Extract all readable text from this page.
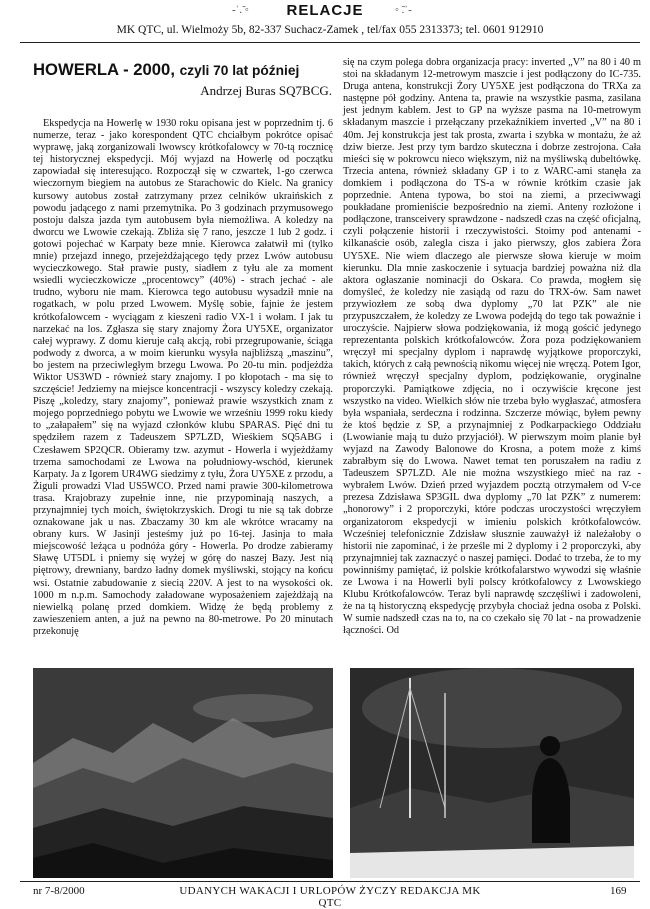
-ʾ.̃ ◦	RELACJE	◦ ̃.ʾ-
MK QTC, ul. Wielmoży 5b, 82-337 Suchacz-Zamek , tel/fax 055 2313373; tel. 0601 912910
HOWERLA - 2000, czyli 70 lat później
Andrzej Buras SQ7BCG.

Ekspedycja na Howerlę w 1930 roku opisana jest w poprzednim tj. 6 numerze, teraz - jako korespondent QTC chciałbym pokrótce opisać wyprawę, jaką zorganizowali lwowscy krótkofalowcy w 70-tą rocznicę tej historycznej ekspedycji. Mój wyjazd na Howerlę od początku zapowiadał się interesująco. Rozpoczął się w czwartek, 1-go czerwca wieczornym biegiem na autobus ze Starachowic do Kielc. Na granicy kursowy autobus został zatrzymany przez celników ukraińskich z powodu jadącego z nami przemytnika. Po 3 godzinach przymusowego postoju dalsza jazda tym autobusem była niemożliwa. A koledzy na dworcu we Lwowie czekają. Zbliża się 7 rano, jeszcze 1 lub 2 godz. i gotowi pojechać w Karpaty beze mnie. Kierowca załatwił mi (tylko mnie) przejazd innego, przejeżdżającego tędy przez Lwów autobusu wycieczkowego. Stał prawie pusty, siadłem z tyłu ale za moment wsiedli wycieczkowicze „procentowcy” (40%) - strach jechać - ale trudno, wyboru nie mam. Kierowca tego autobusu wysadził mnie na rogatkach, w polu przed Lwowem. Myślę sobie, fajnie że jestem krótkofalowcem - wyciągam z kieszeni radio VX-1 i wołam. I jak tu narzekać na los. Zgłasza się stary znajomy Żora UY5XE, organizator całej wyprawy. Z domu kieruje całą akcją, robi przegrupowanie, ściąga podwody z dworca, a w moim kierunku wysyła najbliższą „maszinu”, bo jestem na przeciwległym brzegu Lwowa. Po 20-tu min. podjeżdża Wiktor US3WD - również stary znajomy. I po kłopotach - ma się to szczęście! Jedziemy na miejsce koncentracji - wszyscy koledzy czekają. Piszę „koledzy, stary znajomy”, ponieważ prawie wszystkich znam z mojego poprzedniego pobytu we Lwowie we wrześniu 1999 roku kiedy to „załapałem” się na wyjazd członków klubu SPARAS. Pięć dni tu spędziłem razem z Tadeuszem SP7LZD, Wieśkiem SQ5ABG i Czesławem SP2QCR. Obieramy tzw. azymut - Howerla i wyjeżdżamy trzema samochodami ze Lwowa na południowy-wschód, kierunek Karpaty. Ja z Igorem UR4WG siedzimy z tyłu, Żora UY5XE z przodu, a Żiguli prowadzi Vlad US5WCO. Przed nami prawie 300-kilometrowa trasa. Krajobrazy zupełnie inne, nie przypominają naszych, a przynajmniej tych moich, świętokrzyskich. Drogi tu nie są tak dobrze oznakowane jak u nas. Zbaczamy 30 km ale wkrótce wracamy na obrany kurs. W Jasinji jesteśmy już po 16-tej. Jasinja to mała miejscowość leżąca u podnóża góry - Howerla. Po drodze zabieramy Sławę UT5DL i pniemy się wyżej w górę do naszej Bazy. Jest nią piętrowy, drewniany, bardzo ładny domek myśliwski, stojący na końcu wsi. Ostatnie zabudowanie z siecią 220V. A jest to na wysokości ok. 1000 m n.p.m. Samochody załadowane wyposażeniem zajeżdżają na niewielką polanę przed domkiem. Widzę że będą problemy z zawieszeniem anten, a już na pewno na 80-metrowe. Po 20 minutach przekonuję

się na czym polega dobra organizacja pracy: inverted „V” na 80 i 40 m stoi na składanym 12-metrowym maszcie i jest podłączony do IC-735. Druga antena, konstrukcji Żory UY5XE jest podłączona do TRXa za następne pół godziny. Antena ta, prawie na wszystkie pasma, zasilana jest jednym kablem. Jest to GP na wyższe pasma na 10-metrowym składanym maszcie i przełączany przekaźnikiem inverted „V” na 80 i 40m. Jej konstrukcja jest tak prosta, zwarta i szybka w montażu, że aż dziw bierze. Jest przy tym bardzo skuteczna i dobrze zestrojona. Cała mieści się w pokrowcu nieco większym, niż na myśliwską dubeltówkę. Trzecia antena, również składany GP i to z WARC-ami stanęła za domkiem i podłączona do TS-a w równie krótkim czasie jak poprzednie. Antena typowa, bo stoi na ziemi, a przeciwwagi poukładane promieniście bezpośrednio na ziemi. Anteny rozłożone i podłączone, transceivery sprawdzone - nadszedł czas na część oficjalną, czyli połączenie historii i rzeczywistości. Stoimy pod antenami - kilkanaście osób, zalegla cisza i jako pierwszy, głos zabiera Żora UY5XE. Nie wiem dlaczego ale pierwsze słowa kieruje w moim kierunku. Dla mnie zaskoczenie i sytuacja bardziej poważna niż dla aktora ogłaszanie nominacji do Oskara. Co prawda, mogłem się domyśleć, że koledzy nie zasiądą od razu do TRX-ów. Sam nawet przywiozłem ze sobą dwa dyplomy „70 lat PZK” ale nie przypuszczałem, że koledzy ze Lwowa podejdą do tego tak poważnie i uroczyście. Najpierw słowa podziękowania, iż mogą gościć jedynego reprezentanta polskich krótkofalowców. Żora poza podziękowaniem wręczył mi specjalny dyplom i naprawdę wyjątkowe proporczyki, takich, których z całą pewnością nikomu więcej nie wręczą. Potem Igor, również wręczył specjalny dyplom, podziękowanie, oryginalne proporczyki. Pamiątkowe zdjęcia, no i oczywiście kręcone jest wszystko na video. Wielkich słów nie trzeba było wygłaszać, atmosfera była wspaniała, serdeczna i rodzinna. Szczerze mówiąc, byłem pewny że ktoś będzie z SP, a przynajmniej z Podkarpackiego Oddziału (Lwowianie mają tu dużo przyjaciół). W pierwszym moim planie był wyjazd na Zawody Balonowe do Krosna, a potem może z kimś zabrałbym się do Lwowa. Nawet temat ten poruszałem na radiu z Tadeuszem SP7LZD. Ale nie można wszystkiego mieć na raz - wybrałem Lwów. Dzień przed wyjazdem pocztą otrzymałem od V-ce prezesa Zdzisława SP3GIL dwa dyplomy „70 lat PZK” z numerem: „honorowy” i 2 proporczyki, które podczas uroczystości wręczyłem organizatorom ekspedycji w imieniu polskich krótkofalowców. Wcześniej telefonicznie Zdzisław słusznie zauważył iż należałoby o historii nie zapominać, i że prześle mi 2 dyplomy i 2 proporczyki, aby przynajmniej tak zaznaczyć o naszej pamięci. Dodać to trzeba, że to my powinniśmy pamiętać, iż polskie krótkofalarstwo wywodzi się właśnie ze Lwowa i na Howerli byli polscy krótkofalowcy z Lwowskiego Klubu Krótkofalowców. Teraz byli naprawdę szczęśliwi i zadowoleni, że na tą historyczną ekspedycję przybyła chociaż jedna osoba z Polski. W sumie nadszedł czas na to, na co czekało się 70 lat - na prowadzenie łączności. Od

nr 7-8/2000	UDANYCH WAKACJI I URLOPÓW ŻYCZY REDAKCJA MK QTC
169
